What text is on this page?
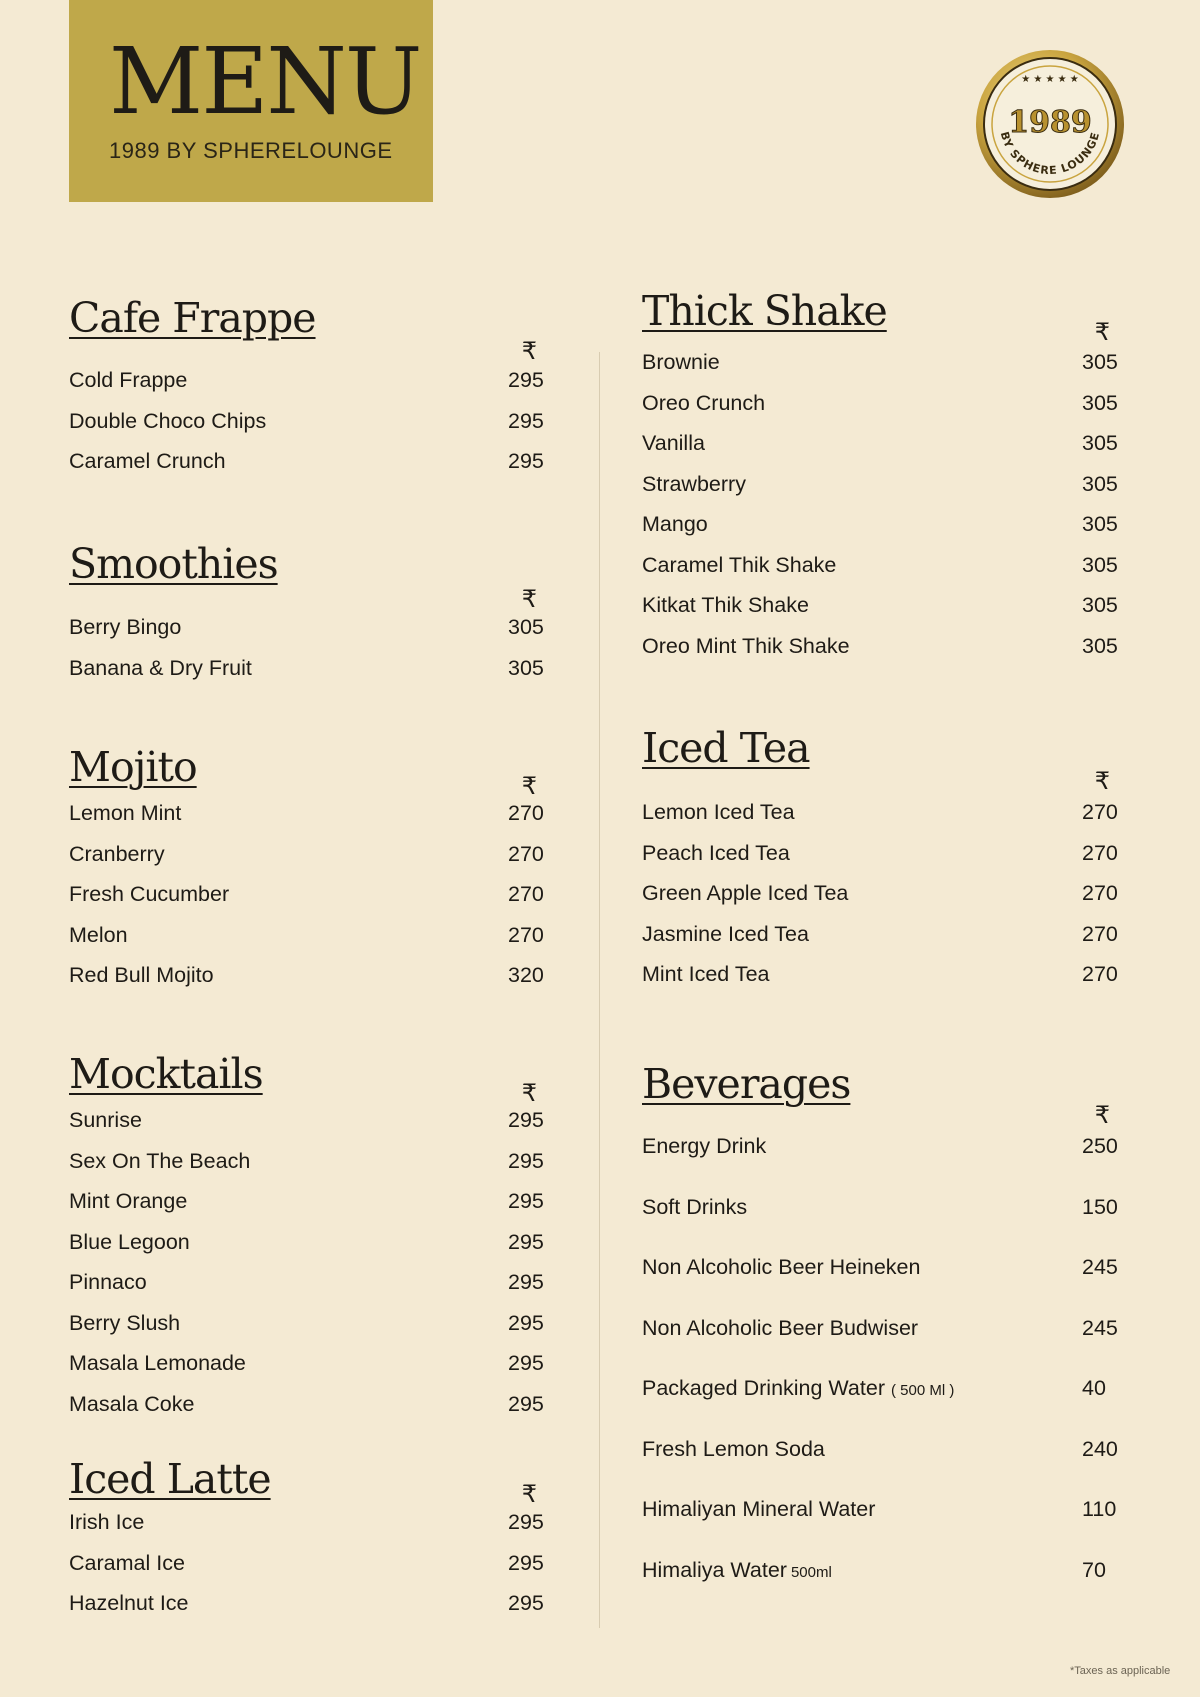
MENU
1989 BY SPHERELOUNGE
★ ★ ★ ★ ★
1989
BY SPHERE LOUNGE
Cafe Frappe
₹
Cold Frappe	295
Double Choco Chips	295
Caramel Crunch	295
Smoothies
₹
Berry Bingo	305
Banana & Dry Fruit	305
Mojito	₹
Lemon Mint	270
Cranberry	270
Fresh Cucumber	270
Melon	270
Red Bull Mojito	320
Mocktails	₹
Sunrise	295
Sex On The Beach	295
Mint Orange	295
Blue Legoon	295
Pinnaco	295
Berry Slush	295
Masala Lemonade	295
Masala Coke	295
Iced Latte	₹
Irish Ice	295
Caramal Ice	295
Hazelnut Ice	295
Thick Shake	₹
Brownie	305
Oreo Crunch	305
Vanilla	305
Strawberry	305
Mango	305
Caramel Thik Shake	305
Kitkat Thik Shake	305
Oreo Mint Thik Shake	305
Iced Tea
₹
Lemon Iced Tea	270
Peach Iced Tea	270
Green Apple Iced Tea	270
Jasmine Iced Tea	270
Mint Iced Tea	270
Beverages
₹
Energy Drink	250
Soft Drinks	150
Non Alcoholic Beer Heineken	245
Non Alcoholic Beer Budwiser	245
Packaged Drinking Water ( 500 Ml )	40
Fresh Lemon Soda	240
Himaliyan Mineral Water	110
Himaliya Water 500ml	70
*Taxes as applicable
